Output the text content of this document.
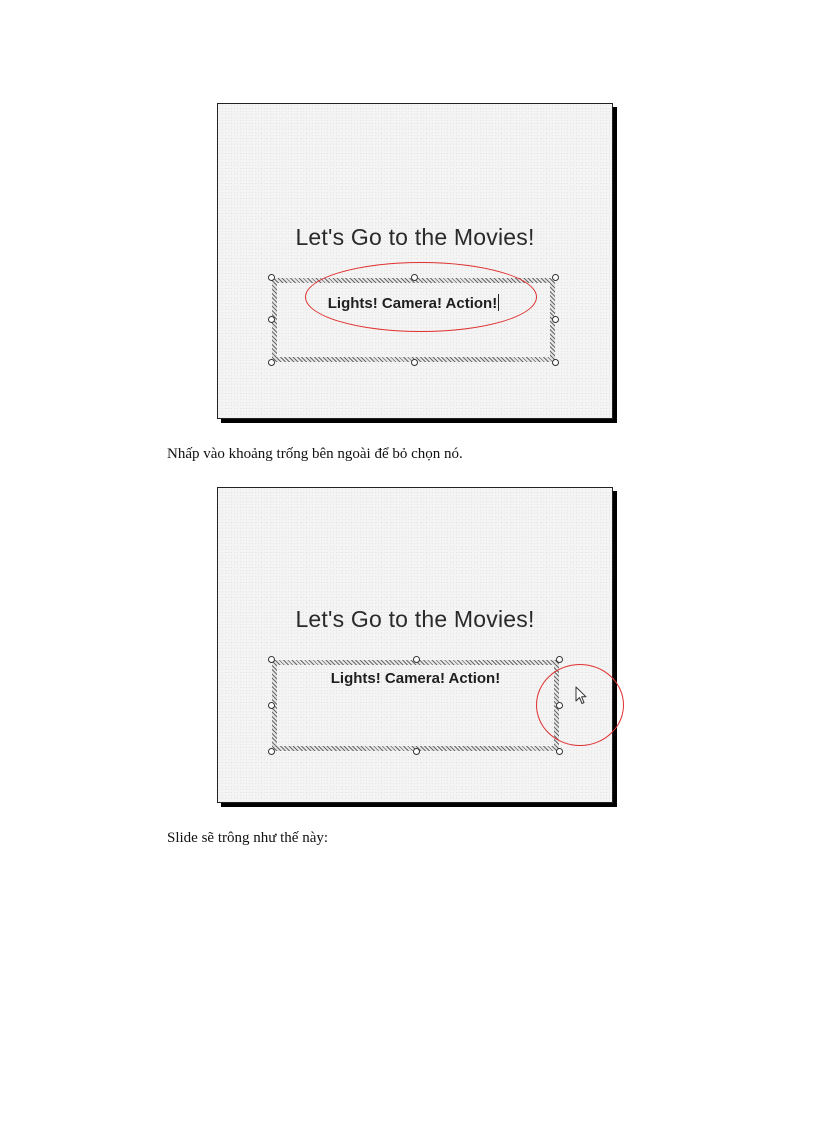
Let's Go to the Movies!
Lights! Camera! Action!
Nhấp vào khoảng trống bên ngoài để bỏ chọn nó.
Let's Go to the Movies!
Lights! Camera! Action!
Slide sẽ trông như thế này:
